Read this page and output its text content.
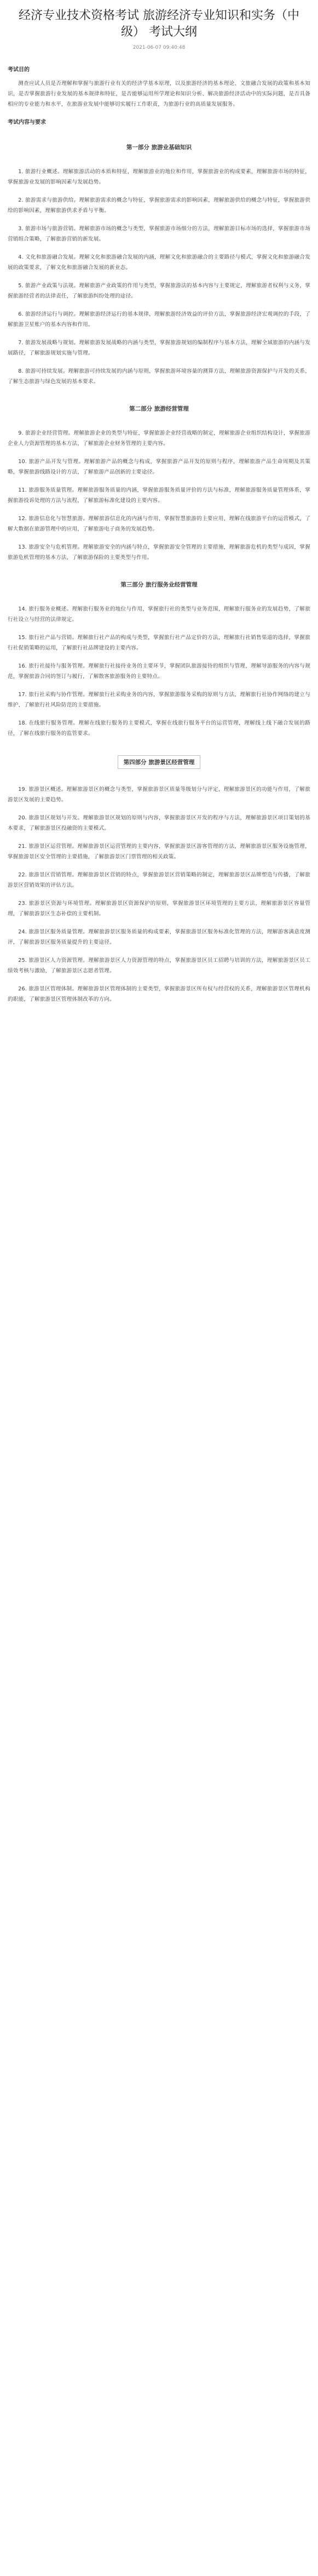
经济专业技术资格考试 旅游经济专业知识和实务（中级） 考试大纲
2021-06-07 09:40:48
考试目的

测查应试人员是否理解和掌握与旅游行业有关的经济学基本原理，以及旅游经济的基本理论、文旅融合发展的政策和基本知识，是否掌握旅游行业发展的基本规律和特征，是否能够运用所学理论和知识分析、解决旅游经济活动中的实际问题，是否具备相应的专业能力和水平，在旅游业发展中能够切实履行工作职责，为旅游行业的高质量发展服务。

考试内容与要求
第一部分 旅游业基础知识

1. 旅游行业概述。理解旅游活动的本质和特征，理解旅游业的地位和作用，掌握旅游业的构成要素，理解旅游市场的特征，掌握旅游业发展的影响因素与发展趋势。

2. 旅游需求与旅游供给。理解旅游需求的概念与特征，掌握旅游需求的影响因素，理解旅游供给的概念与特征，掌握旅游供给的影响因素，理解旅游供求矛盾与平衡。

3. 旅游市场与旅游营销。理解旅游市场的概念与类型，掌握旅游市场细分的方法，理解旅游目标市场的选择，掌握旅游市场营销组合策略，了解旅游营销的新发展。

4. 文化和旅游融合发展。理解文化和旅游融合发展的内涵，理解文化和旅游融合的主要路径与模式，掌握文化和旅游融合发展的政策要求，了解文化和旅游融合发展的新业态。

5. 旅游产业政策与法规。理解旅游产业政策的作用与类型，掌握旅游法的基本内容与主要规定，理解旅游者权利与义务，掌握旅游经营者的法律责任，了解旅游纠纷处理的途径。

6. 旅游经济运行与调控。理解旅游经济运行的基本规律，理解旅游经济效益的评价方法，掌握旅游经济宏观调控的手段，了解旅游卫星账户的基本内容和作用。

7. 旅游发展战略与规划。理解旅游发展战略的内涵与类型，掌握旅游规划的编制程序与基本方法，理解全域旅游的内涵与发展路径，了解旅游规划实施与管理。

8. 旅游可持续发展。理解旅游可持续发展的内涵与原则，掌握旅游环境容量的测算方法，理解旅游资源保护与开发的关系，了解生态旅游与绿色发展的基本要求。

第二部分 旅游经营管理

9. 旅游企业经营管理。理解旅游企业的类型与特征，掌握旅游企业经营战略的制定，理解旅游企业组织结构设计，掌握旅游企业人力资源管理的基本方法，了解旅游企业财务管理的主要内容。

10. 旅游产品开发与管理。理解旅游产品的概念与构成，掌握旅游产品开发的原则与程序，理解旅游产品生命周期及其策略，掌握旅游线路设计的方法，了解旅游产品创新的主要途径。

11. 旅游服务质量管理。理解旅游服务质量的内涵，掌握旅游服务质量评价的方法与标准，理解旅游服务质量管理体系，掌握旅游投诉处理的方法与流程，了解旅游标准化建设的主要内容。

12. 旅游信息化与智慧旅游。理解旅游信息化的内涵与作用，掌握智慧旅游的主要应用，理解在线旅游平台的运营模式，了解大数据在旅游管理中的应用，了解旅游电子商务的发展趋势。

13. 旅游安全与危机管理。理解旅游安全的内涵与特点，掌握旅游安全管理的主要措施，理解旅游危机的类型与成因，掌握旅游危机管理的基本方法，了解旅游保险的主要类型与作用。

第三部分 旅行服务业经营管理

14. 旅行服务业概述。理解旅行服务业的地位与作用，掌握旅行社的类型与业务范围，理解旅行服务业的发展趋势，了解旅行社设立与经营的法律规定。

15. 旅行社产品与营销。理解旅行社产品的构成与类型，掌握旅行社产品定价的方法，理解旅行社销售渠道的选择，掌握旅行社促销策略的运用，了解旅行社品牌建设的主要内容。

16. 旅行社接待与服务管理。理解旅行社接待业务的主要环节，掌握团队旅游接待的组织与管理，理解导游服务的内容与规范，掌握旅游合同的签订与履行，了解散客旅游服务的主要特点。

17. 旅行社采购与协作管理。理解旅行社采购业务的内容，掌握旅游服务采购的原则与方法，理解旅行社协作网络的建立与维护，了解旅行社风险防范的主要措施。

18. 在线旅行服务管理。理解在线旅行服务的主要模式，掌握在线旅行服务平台的运营管理，理解线上线下融合发展的路径，了解在线旅行服务的监管要求。

第四部分 旅游景区经营管理

19. 旅游景区概述。理解旅游景区的概念与类型，掌握旅游景区质量等级划分与评定，理解旅游景区的功能与作用，了解旅游景区发展的主要趋势。

20. 旅游景区规划与开发。理解旅游景区规划的原则与内容，掌握旅游景区开发的程序与方法，理解旅游景区项目策划的基本要求，了解旅游景区投融资的主要模式。

21. 旅游景区运营管理。理解旅游景区运营管理的主要内容，掌握旅游景区游客管理的方法，理解旅游景区服务设施管理，掌握旅游景区安全管理的主要措施，了解旅游景区门票管理的相关政策。

22. 旅游景区营销管理。理解旅游景区营销的特点，掌握旅游景区营销策略的制定，理解旅游景区品牌塑造与传播，了解旅游景区营销效果的评估方法。

23. 旅游景区资源与环境管理。理解旅游景区资源保护的原则，掌握旅游景区环境管理的主要方法，理解旅游景区容量管理，了解旅游景区生态补偿的主要机制。

24. 旅游景区服务质量管理。理解旅游景区服务质量的构成要素，掌握旅游景区服务标准化管理的方法，理解游客满意度测评，了解旅游景区服务质量提升的主要途径。

25. 旅游景区人力资源管理。理解旅游景区人力资源管理的特点，掌握旅游景区员工招聘与培训的方法，理解旅游景区员工绩效考核与激励，了解旅游景区志愿者管理。

26. 旅游景区管理体制。理解旅游景区管理体制的主要类型，掌握旅游景区所有权与经营权的关系，理解旅游景区管理机构的职能，了解旅游景区管理体制改革的方向。
